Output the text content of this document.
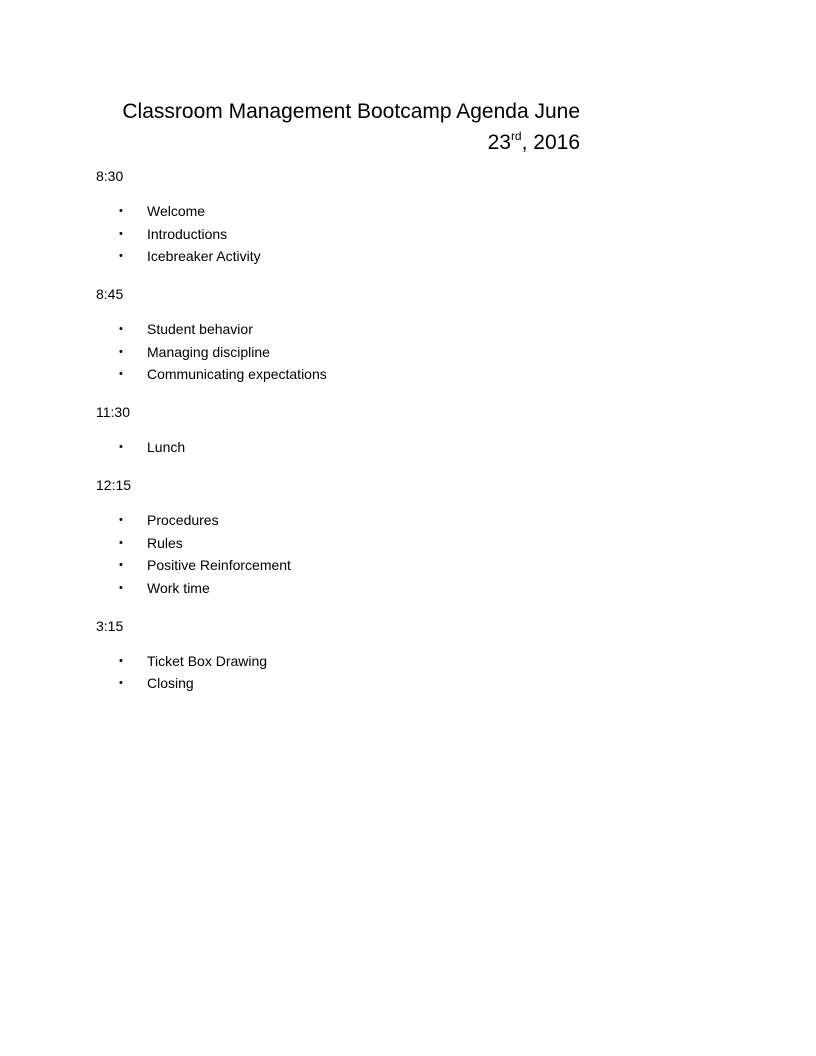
Classroom Management Bootcamp Agenda June
23rd, 2016
8:30
• Welcome
• Introductions
• Icebreaker Activity
8:45
• Student behavior
• Managing discipline
• Communicating expectations
11:30
• Lunch
12:15
• Procedures
• Rules
• Positive Reinforcement
• Work time
3:15
• Ticket Box Drawing
• Closing
